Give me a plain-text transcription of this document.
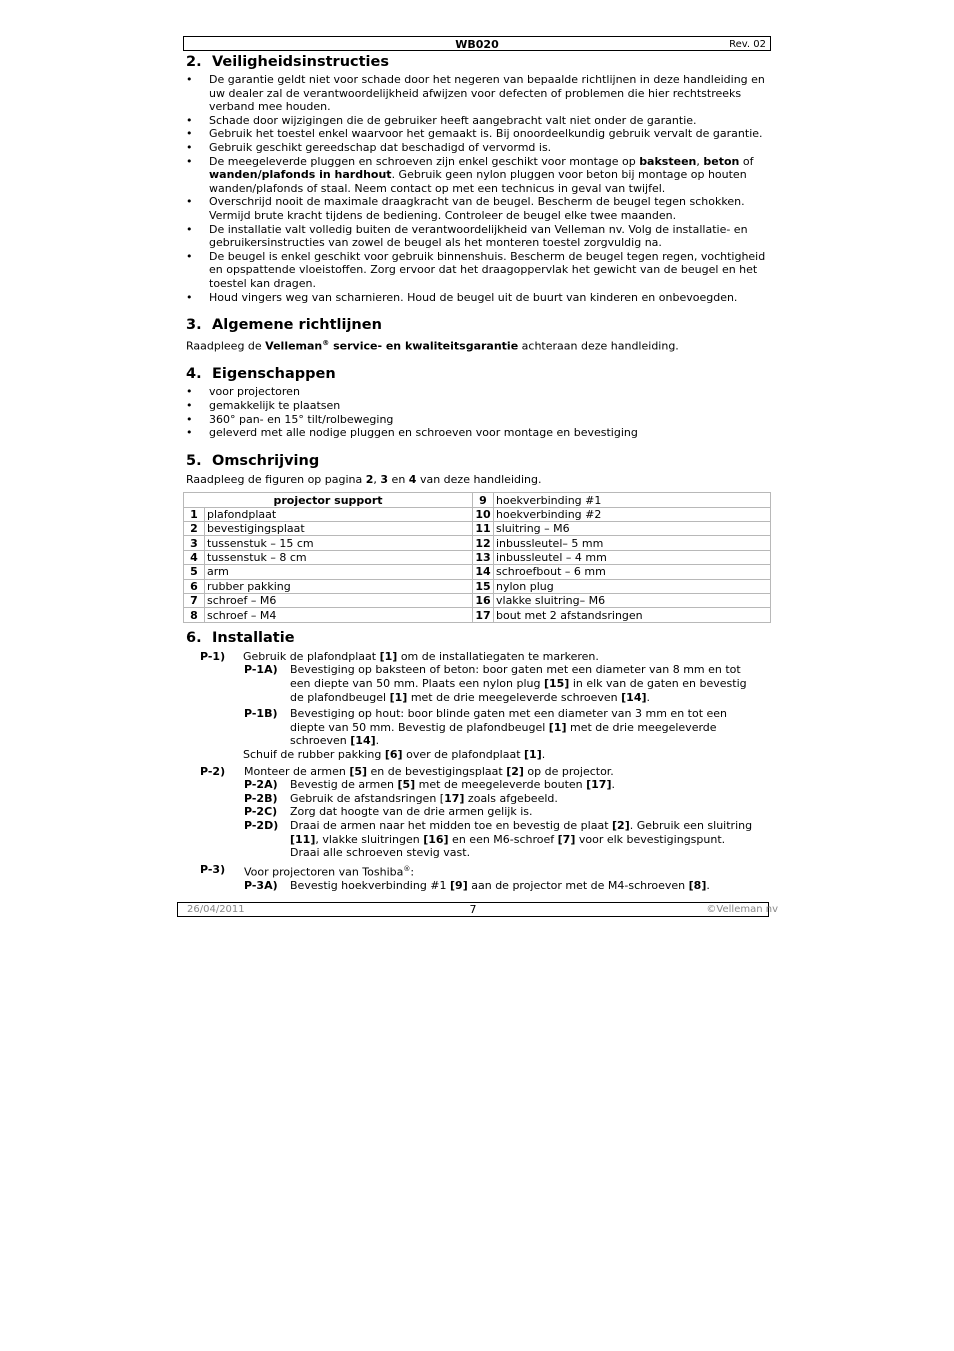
WB020	Rev. 02
2. Veiligheidsinstructies
• De garantie geldt niet voor schade door het negeren van bepaalde richtlijnen in deze handleiding en uw dealer zal de verantwoordelijkheid afwijzen voor defecten of problemen die hier rechtstreeks verband mee houden.
• Schade door wijzigingen die de gebruiker heeft aangebracht valt niet onder de garantie.
• Gebruik het toestel enkel waarvoor het gemaakt is. Bij onoordeelkundig gebruik vervalt de garantie.
• Gebruik geschikt gereedschap dat beschadigd of vervormd is.
• De meegeleverde pluggen en schroeven zijn enkel geschikt voor montage op baksteen, beton of wanden/plafonds in hardhout. Gebruik geen nylon pluggen voor beton bij montage op houten wanden/plafonds of staal. Neem contact op met een technicus in geval van twijfel.
• Overschrijd nooit de maximale draagkracht van de beugel. Bescherm de beugel tegen schokken. Vermijd brute kracht tijdens de bediening. Controleer de beugel elke twee maanden.
• De installatie valt volledig buiten de verantwoordelijkheid van Velleman nv. Volg de installatie- en gebruikersinstructies van zowel de beugel als het monteren toestel zorgvuldig na.
• De beugel is enkel geschikt voor gebruik binnenshuis. Bescherm de beugel tegen regen, vochtigheid en opspattende vloeistoffen. Zorg ervoor dat het draagoppervlak het gewicht van de beugel en het toestel kan dragen.
• Houd vingers weg van scharnieren. Houd de beugel uit de buurt van kinderen en onbevoegden.
3. Algemene richtlijnen
Raadpleeg de Velleman® service- en kwaliteitsgarantie achteraan deze handleiding.
4. Eigenschappen
• voor projectoren
• gemakkelijk te plaatsen
• 360° pan- en 15° tilt/rolbeweging
• geleverd met alle nodige pluggen en schroeven voor montage en bevestiging
5. Omschrijving
Raadpleeg de figuren op pagina 2, 3 en 4 van deze handleiding.
projector support		9	hoekverbinding #1
1	plafondplaat	10	hoekverbinding #2
2	bevestigingsplaat	11	sluitring – M6
3	tussenstuk – 15 cm	12	inbussleutel– 5 mm
4	tussenstuk – 8 cm	13	inbussleutel – 4 mm
5	arm	14	schroefbout – 6 mm
6	rubber pakking	15	nylon plug
7	schroef – M6	16	vlakke sluitring– M6
8	schroef – M4	17	bout met 2 afstandsringen
6. Installatie
P-1) Gebruik de plafondplaat [1] om de installatiegaten te markeren.
P-1A) Bevestiging op baksteen of beton: boor gaten met een diameter van 8 mm en tot
een diepte van 50 mm. Plaats een nylon plug [15] in elk van de gaten en bevestig
de plafondbeugel [1] met de drie meegeleverde schroeven [14].
P-1B) Bevestiging op hout: boor blinde gaten met een diameter van 3 mm en tot een
diepte van 50 mm. Bevestig de plafondbeugel [1] met de drie meegeleverde
schroeven [14].
Schuif de rubber pakking [6] over de plafondplaat [1].
P-2) Monteer de armen [5] en de bevestigingsplaat [2] op de projector.
P-2A) Bevestig de armen [5] met de meegeleverde bouten [17].
P-2B) Gebruik de afstandsringen [17] zoals afgebeeld.
P-2C) Zorg dat hoogte van de drie armen gelijk is.
P-2D) Draai de armen naar het midden toe en bevestig de plaat [2]. Gebruik een sluitring
[11], vlakke sluitringen [16] en een M6-schroef [7] voor elk bevestigingspunt.
Draai alle schroeven stevig vast.
P-3) Voor projectoren van Toshiba®:
P-3A) Bevestig hoekverbinding #1 [9] aan de projector met de M4-schroeven [8].
26/04/2011	7	©Velleman nv
